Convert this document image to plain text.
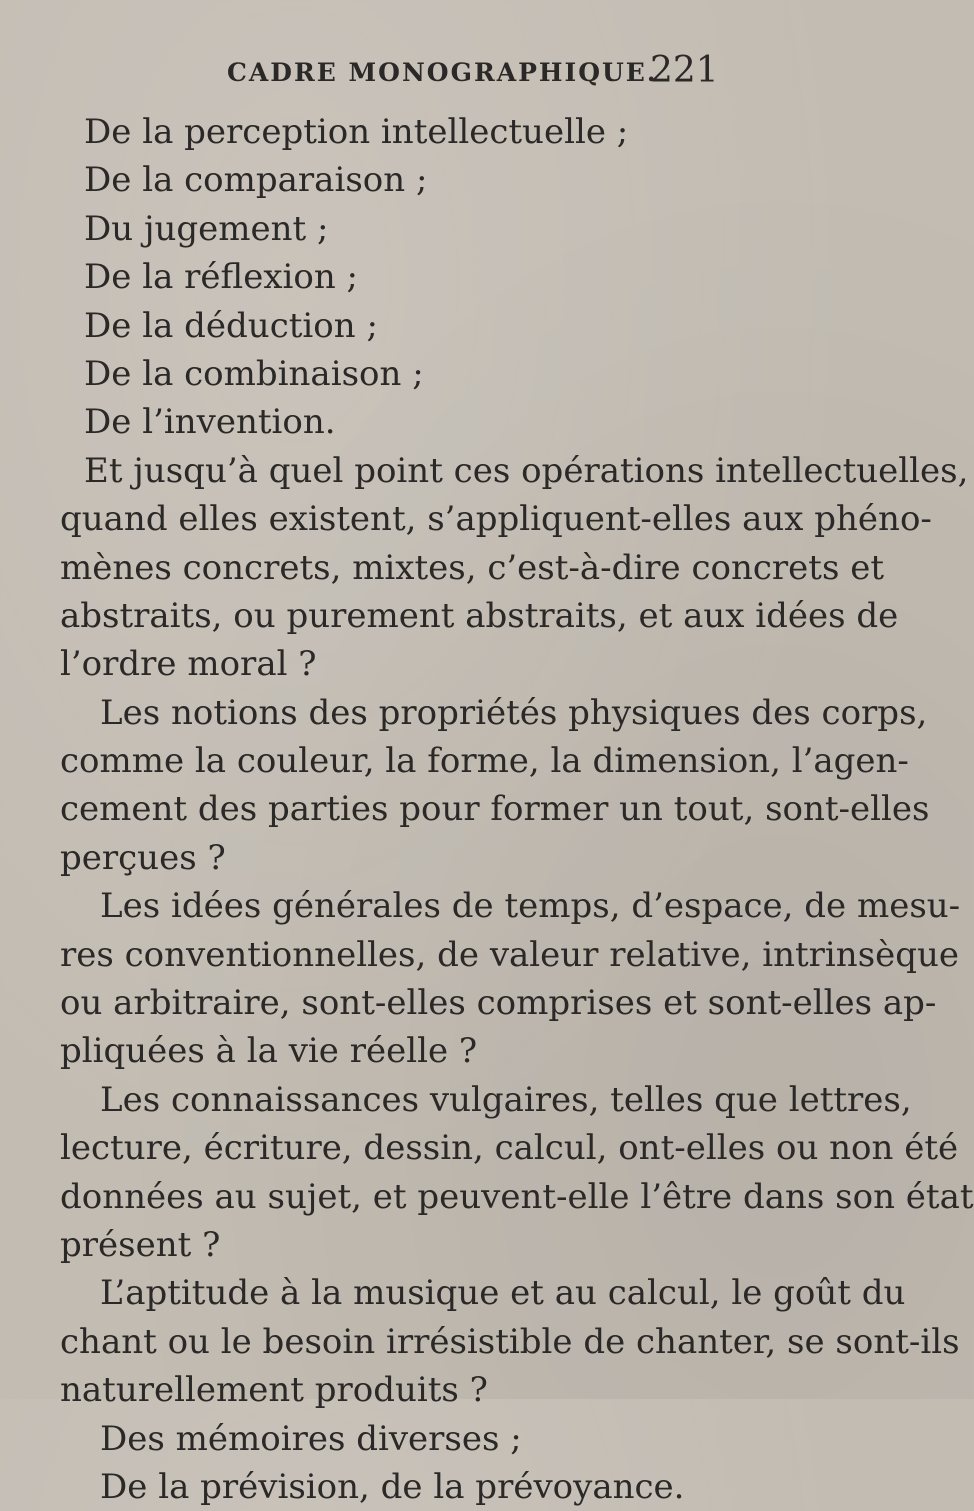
CADRE MONOGRAPHIQUE.
221
De la perception intellectuelle ;
De la comparaison ;
Du jugement ;
De la réflexion ;
De la déduction ;
De la combinaison ;
De l’invention.
Et jusqu’à quel point ces opérations intellectuelles,
quand elles existent, s’appliquent-elles aux phéno-
mènes concrets, mixtes, c’est-à-dire concrets et
abstraits, ou purement abstraits, et aux idées de
l’ordre moral ?
Les notions des propriétés physiques des corps,
comme la couleur, la forme, la dimension, l’agen-
cement des parties pour former un tout, sont-elles
perçues ?
Les idées générales de temps, d’espace, de mesu-
res conventionnelles, de valeur relative, intrinsèque
ou arbitraire, sont-elles comprises et sont-elles ap-
pliquées à la vie réelle ?
Les connaissances vulgaires, telles que lettres,
lecture, écriture, dessin, calcul, ont-elles ou non été
données au sujet, et peuvent-elle l’être dans son état
présent ?
L’aptitude à la musique et au calcul, le goût du
chant ou le besoin irrésistible de chanter, se sont-ils
naturellement produits ?
Des mémoires diverses ;
De la prévision, de la prévoyance.
